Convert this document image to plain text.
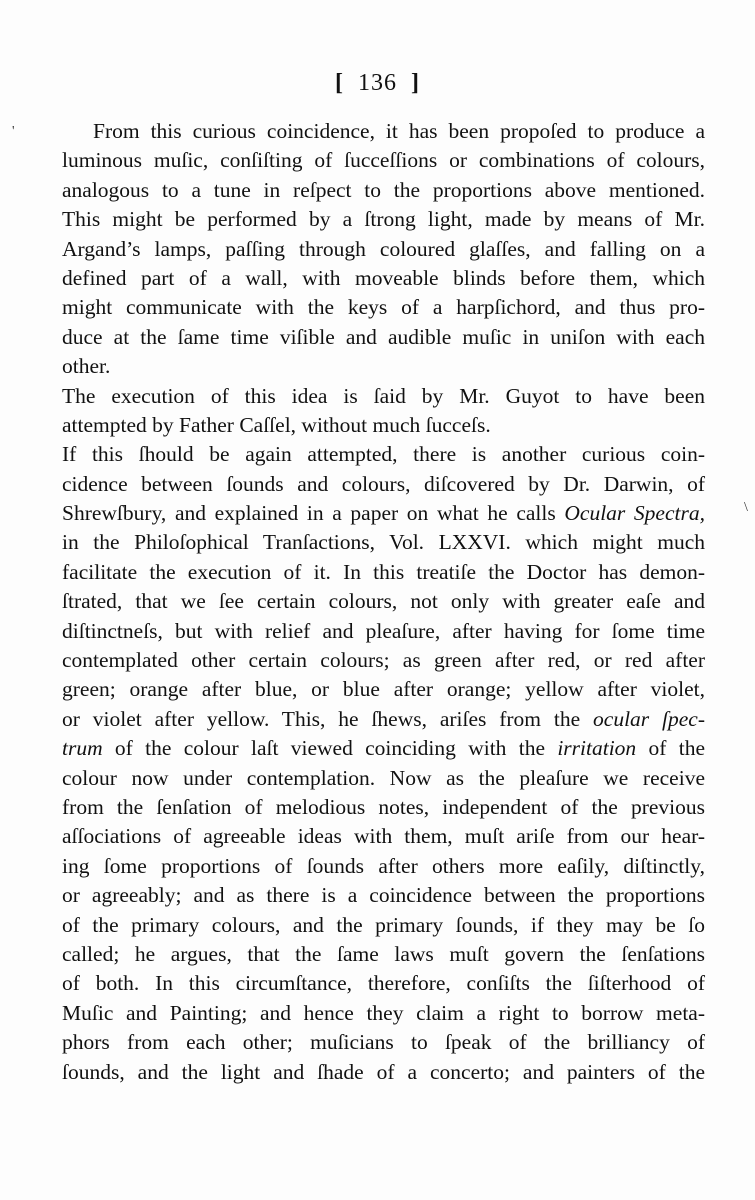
[ 136 ]
'
\
From this curious coincidence, it has been propoſed to produce a
luminous muſic, conſiſting of ſucceſſions or combinations of colours,
analogous to a tune in reſpect to the proportions above mentioned.
This might be performed by a ſtrong light, made by means of Mr.
Argand’s lamps, paſſing through coloured glaſſes, and falling on a
defined part of a wall, with moveable blinds before them, which
might communicate with the keys of a harpſichord, and thus pro-
duce at the ſame time viſible and audible muſic in uniſon with each
other.
The execution of this idea is ſaid by Mr. Guyot to have been
attempted by Father Caſſel, without much ſucceſs.
If this ſhould be again attempted, there is another curious coin-
cidence between ſounds and colours, diſcovered by Dr. Darwin, of
Shrewſbury, and explained in a paper on what he calls Ocular Spectra,
in the Philoſophical Tranſactions, Vol. LXXVI. which might much
facilitate the execution of it. In this treatiſe the Doctor has demon-
ſtrated, that we ſee certain colours, not only with greater eaſe and
diſtinctneſs, but with relief and pleaſure, after having for ſome time
contemplated other certain colours; as green after red, or red after
green; orange after blue, or blue after orange; yellow after violet,
or violet after yellow. This, he ſhews, ariſes from the ocular ſpec-
trum of the colour laſt viewed coinciding with the irritation of the
colour now under contemplation. Now as the pleaſure we receive
from the ſenſation of melodious notes, independent of the previous
aſſociations of agreeable ideas with them, muſt ariſe from our hear-
ing ſome proportions of ſounds after others more eaſily, diſtinctly,
or agreeably; and as there is a coincidence between the proportions
of the primary colours, and the primary ſounds, if they may be ſo
called; he argues, that the ſame laws muſt govern the ſenſations
of both. In this circumſtance, therefore, conſiſts the ſiſterhood of
Muſic and Painting; and hence they claim a right to borrow meta-
phors from each other; muſicians to ſpeak of the brilliancy of
ſounds, and the light and ſhade of a concerto; and painters of the
